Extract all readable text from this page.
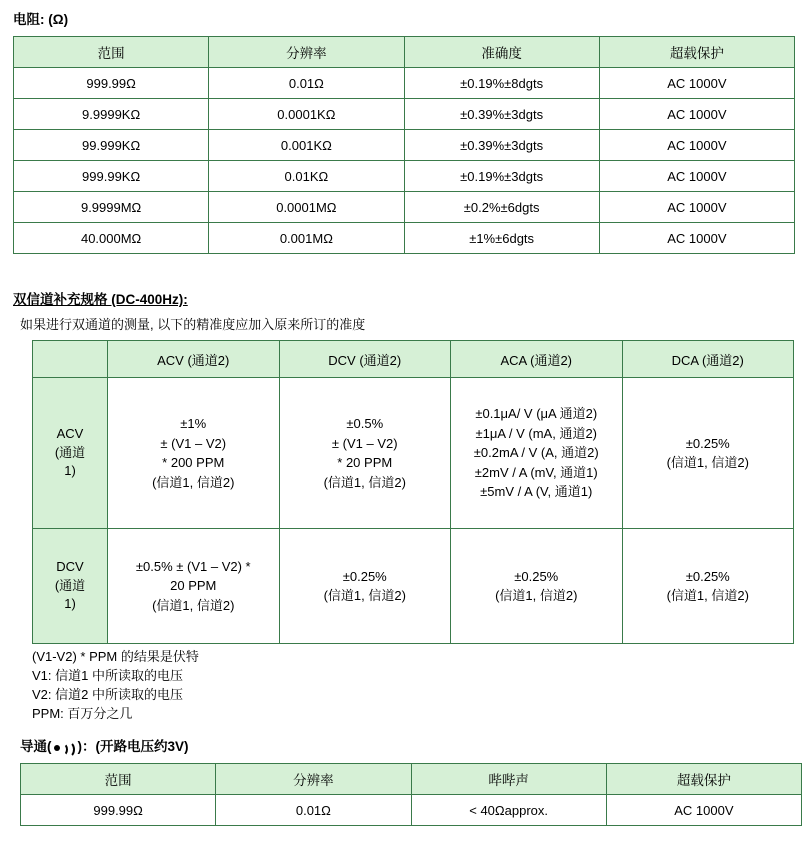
电阻: (Ω)
范围	分辨率	准确度	超载保护
999.99Ω	0.01Ω	±0.19%±8dgts	AC 1000V
9.9999KΩ	0.0001KΩ	±0.39%±3dgts	AC 1000V
99.999KΩ	0.001KΩ	±0.39%±3dgts	AC 1000V
999.99KΩ	0.01KΩ	±0.19%±3dgts	AC 1000V
9.9999MΩ	0.0001MΩ	±0.2%±6dgts	AC 1000V
40.000MΩ	0.001MΩ	±1%±6dgts	AC 1000V
双信道补充规格 (DC-400Hz):
如果进行双通道的测量, 以下的精准度应加入原来所订的准度
	ACV (通道2)	DCV (通道2)	ACA (通道2)	DCA (通道2)
ACV
(通道
1)	±1%
± (V1 – V2)
* 200 PPM
(信道1, 信道2)	±0.5%
± (V1 – V2)
* 20 PPM
(信道1, 信道2)	±0.1μA/ V (μA 通道2)
±1μA / V (mA, 通道2)
±0.2mA / V (A, 通道2)
±2mV / A (mV, 通道1)
±5mV / A (V, 通道1)	±0.25%
(信道1, 信道2)
DCV
(通道
1)	±0.5% ± (V1 – V2) *
20 PPM
(信道1, 信道2)	±0.25%
(信道1, 信道2)	±0.25%
(信道1, 信道2)	±0.25%
(信道1, 信道2)
(V1-V2) * PPM 的结果是伏特
V1: 信道1 中所读取的电压
V2: 信道2 中所读取的电压
PPM: 百万分之几
导通( )：(开路电压约3V)
范围	分辨率	哔哔声	超载保护
999.99Ω	0.01Ω	< 40Ωapprox.	AC 1000V
